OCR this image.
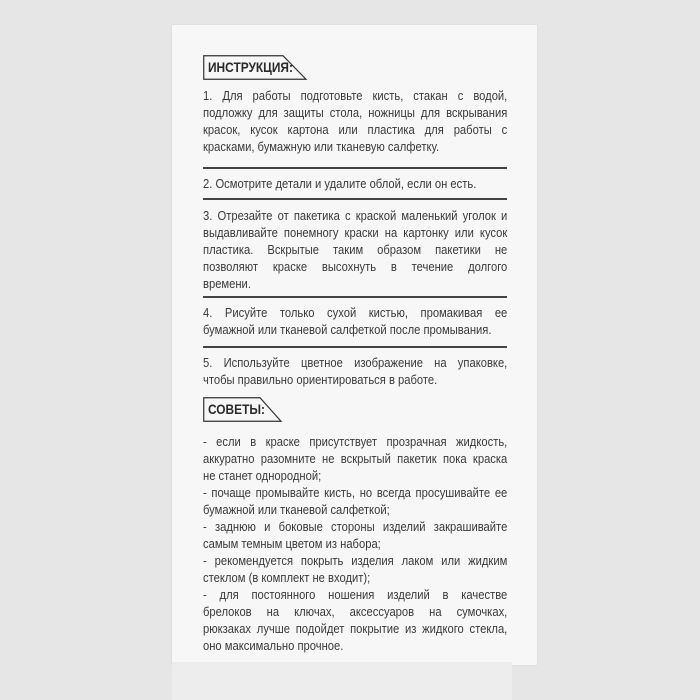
ИНСТРУКЦИЯ:
1. Для работы подготовьте кисть, стакан с водой,
подложку для защиты стола, ножницы для вскрывания
красок, кусок картона или пластика для работы с
красками, бумажную или тканевую салфетку.
2. Осмотрите детали и удалите облой, если он есть.
3. Отрезайте от пакетика с краской маленький уголок и
выдавливайте понемногу краски на картонку или кусок
пластика. Вскрытые таким образом пакетики не
позволяют краске высохнуть в течение долгого
времени.
4. Рисуйте только сухой кистью, промакивая ее
бумажной или тканевой салфеткой после промывания.
5. Используйте цветное изображение на упаковке,
чтобы правильно ориентироваться в работе.
СОВЕТЫ:
- если в краске присутствует прозрачная жидкость,
аккуратно разомните не вскрытый пакетик пока краска
не станет однородной;
- почаще промывайте кисть, но всегда просушивайте ее
бумажной или тканевой салфеткой;
- заднюю и боковые стороны изделий закрашивайте
самым темным цветом из набора;
- рекомендуется покрыть изделия лаком или жидким
стеклом (в комплект не входит);
- для постоянного ношения изделий в качестве
брелоков на ключах, аксессуаров на сумочках,
рюкзаках лучше подойдет покрытие из жидкого стекла,
оно максимально прочное.
